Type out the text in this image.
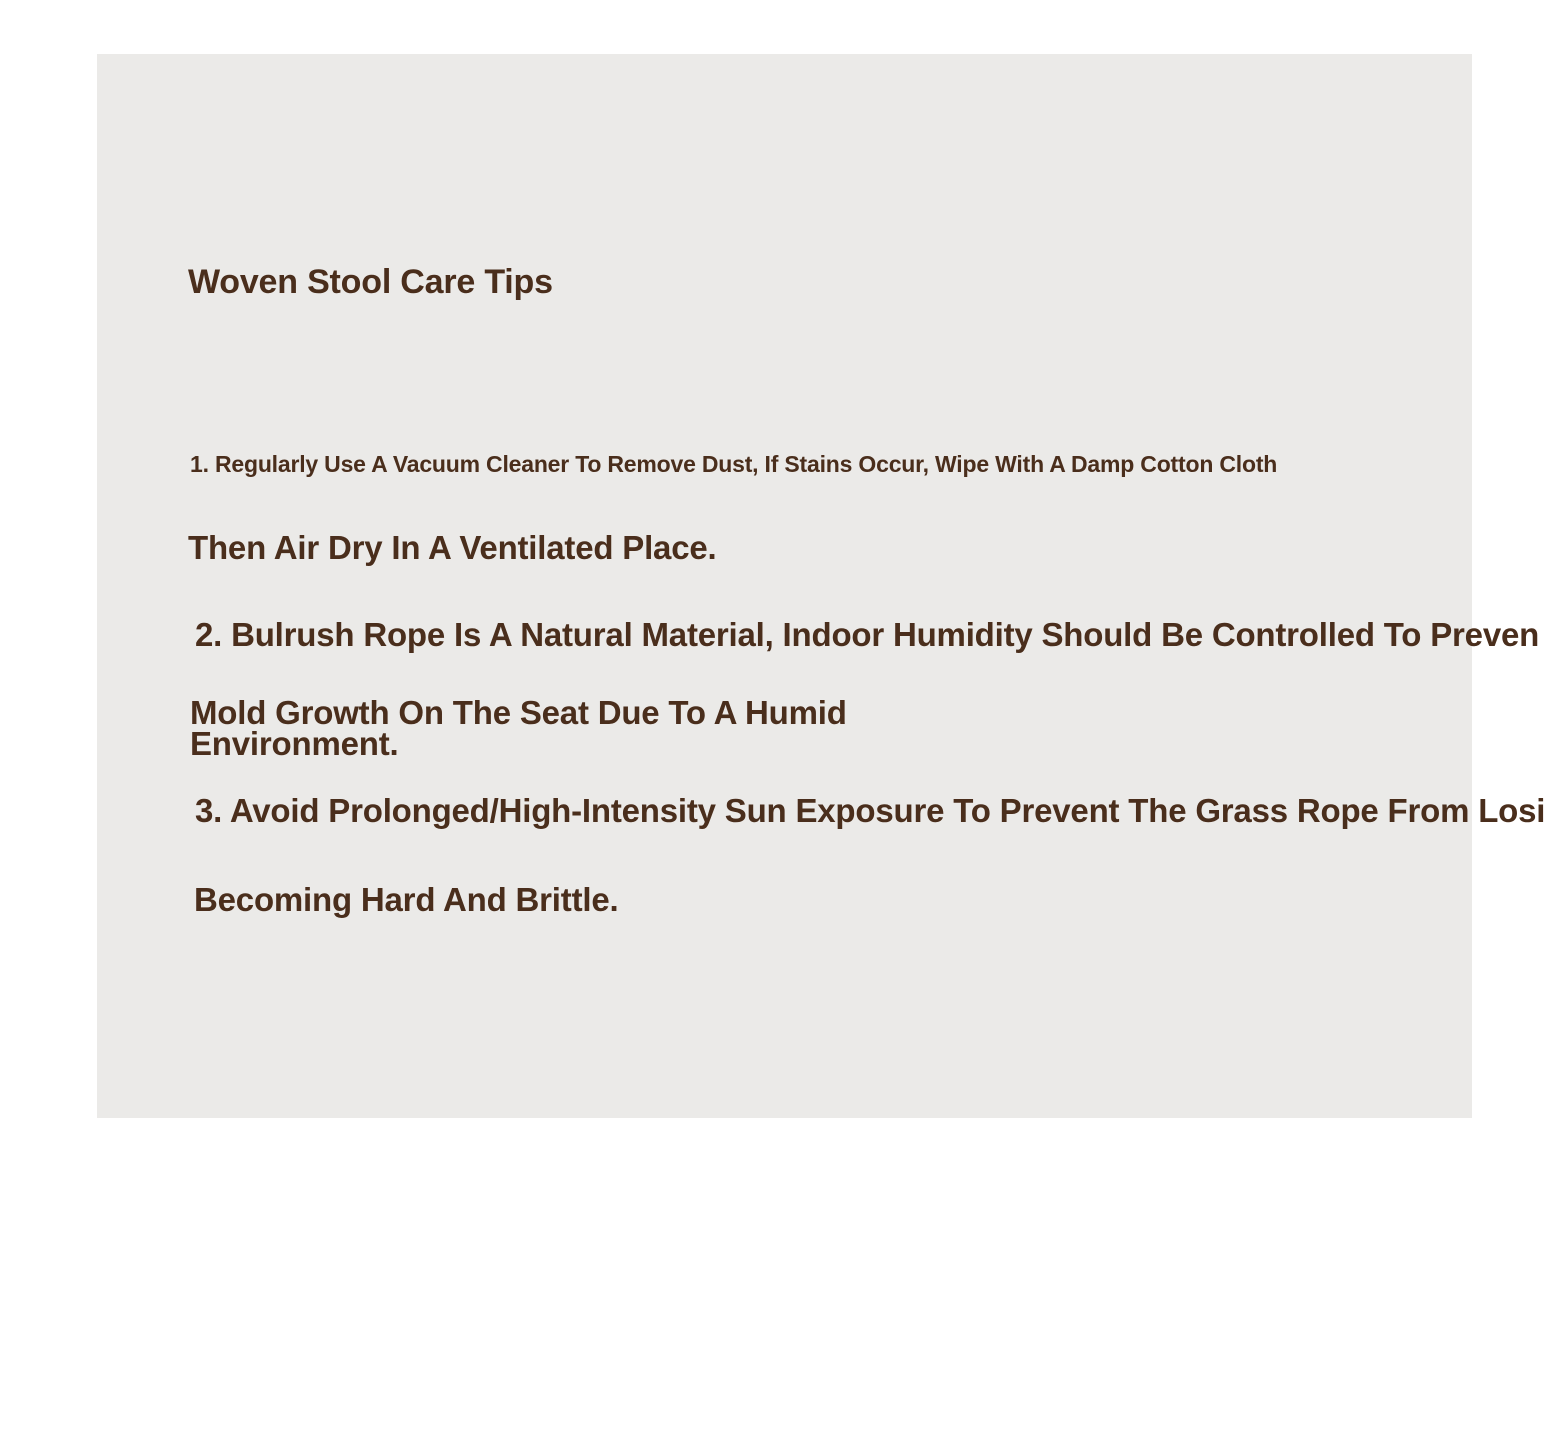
Woven Stool Care Tips

1. Regularly Use A Vacuum Cleaner To Remove Dust, If Stains Occur, Wipe With A Damp Cotton Cloth

Then Air Dry In A Ventilated Place.

2. Bulrush Rope Is A Natural Material, Indoor Humidity Should Be Controlled To Preven

Mold Growth On The Seat Due To A Humid

Environment.

3. Avoid Prolonged/High-Intensity Sun Exposure To Prevent The Grass Rope From Losi

Becoming Hard And Brittle.
